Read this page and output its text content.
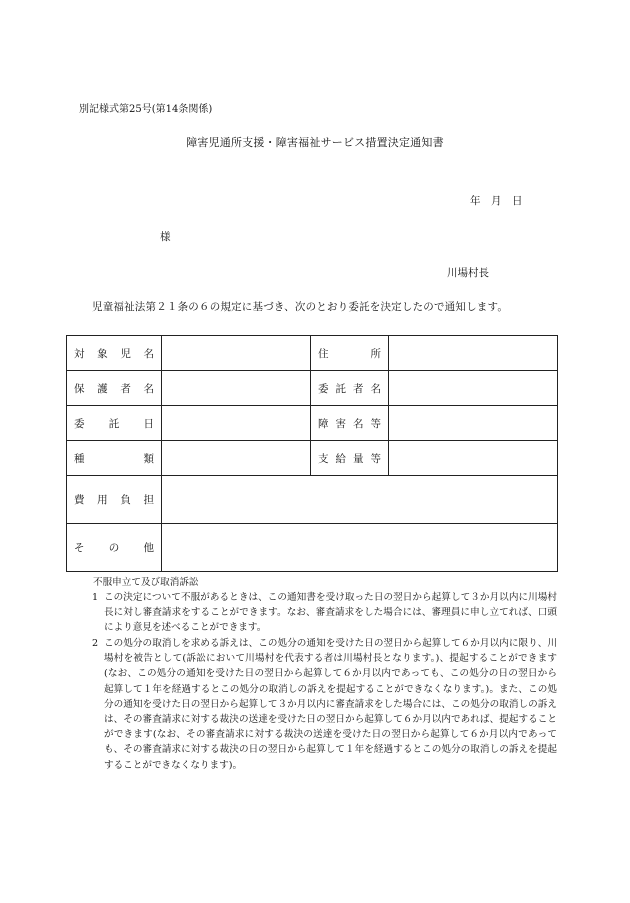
別記様式第25号(第14条関係)
障害児通所支援・障害福祉サービス措置決定通知書
年　月　日
様
川場村長
児童福祉法第２１条の６の規定に基づき、次のとおり委託を決定したので通知します。
対 象 児 名		住 所	

保 護 者 名		委 託 者 名	

委 託 日		障 害 名 等	

種 類		支 給 量 等	

費 用 負 担			

そ の 他			

不服申立て及び取消訴訟
1 この決定について不服があるときは、この通知書を受け取った日の翌日から起算して３か月以内に川場村長に対し審査請求をすることができます。なお、審査請求をした場合には、審理員に申し立てれば、口頭により意見を述べることができます。
2 この処分の取消しを求める訴えは、この処分の通知を受けた日の翌日から起算して６か月以内に限り、川場村を被告として(訴訟において川場村を代表する者は川場村長となります。)、提起することができます(なお、この処分の通知を受けた日の翌日から起算して６か月以内であっても、この処分の日の翌日から起算して１年を経過するとこの処分の取消しの訴えを提起することができなくなります。)。また、この処分の通知を受けた日の翌日から起算して３か月以内に審査請求をした場合には、この処分の取消しの訴えは、その審査請求に対する裁決の送達を受けた日の翌日から起算して６か月以内であれば、提起することができます(なお、その審査請求に対する裁決の送達を受けた日の翌日から起算して６か月以内であっても、その審査請求に対する裁決の日の翌日から起算して１年を経過するとこの処分の取消しの訴えを提起することができなくなります)。
